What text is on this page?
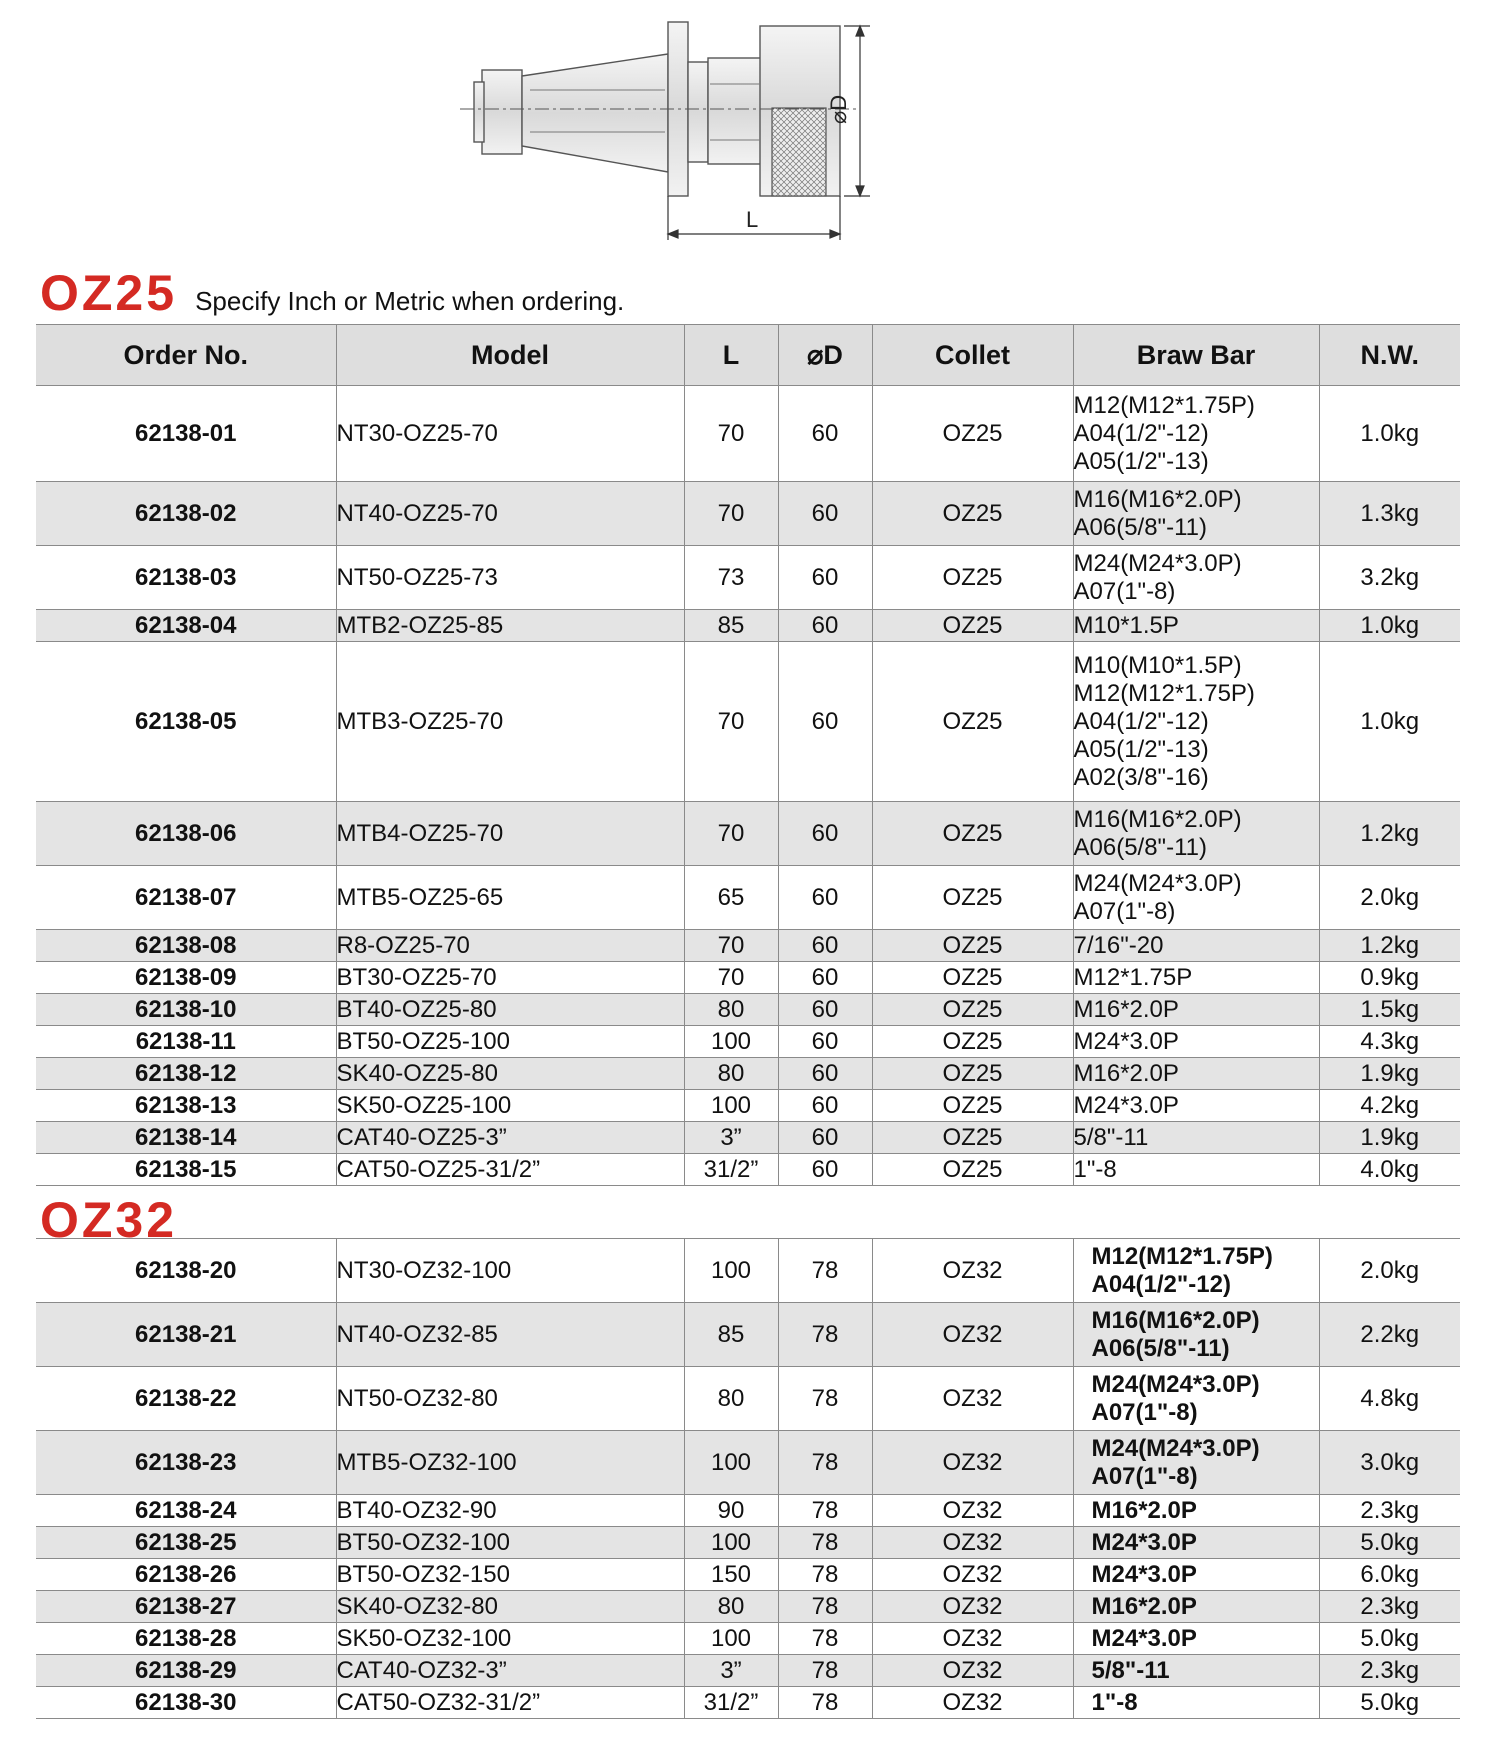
⌀D
L
OZ25 Specify Inch or Metric when ordering.
Order No.	Model	L	⌀D	Collet	Braw Bar	N.W.
62138-01	NT30-OZ25-70	70	60	OZ25	M12(M12*1.75P)
A04(1/2"-12)
A05(1/2"-13)	1.0kg
62138-02	NT40-OZ25-70	70	60	OZ25	M16(M16*2.0P)
A06(5/8"-11)	1.3kg
62138-03	NT50-OZ25-73	73	60	OZ25	M24(M24*3.0P)
A07(1"-8)	3.2kg
62138-04	MTB2-OZ25-85	85	60	OZ25	M10*1.5P	1.0kg
62138-05	MTB3-OZ25-70	70	60	OZ25	M10(M10*1.5P)
M12(M12*1.75P)
A04(1/2"-12)
A05(1/2"-13)
A02(3/8"-16)	1.0kg
62138-06	MTB4-OZ25-70	70	60	OZ25	M16(M16*2.0P)
A06(5/8"-11)	1.2kg
62138-07	MTB5-OZ25-65	65	60	OZ25	M24(M24*3.0P)
A07(1"-8)	2.0kg
62138-08	R8-OZ25-70	70	60	OZ25	7/16"-20	1.2kg
62138-09	BT30-OZ25-70	70	60	OZ25	M12*1.75P	0.9kg
62138-10	BT40-OZ25-80	80	60	OZ25	M16*2.0P	1.5kg
62138-11	BT50-OZ25-100	100	60	OZ25	M24*3.0P	4.3kg
62138-12	SK40-OZ25-80	80	60	OZ25	M16*2.0P	1.9kg
62138-13	SK50-OZ25-100	100	60	OZ25	M24*3.0P	4.2kg
62138-14	CAT40-OZ25-3”	3”	60	OZ25	5/8"-11	1.9kg
62138-15	CAT50-OZ25-31/2”	31/2”	60	OZ25	1"-8	4.0kg
OZ32
62138-20	NT30-OZ32-100	100	78	OZ32	M12(M12*1.75P)
A04(1/2"-12)	2.0kg
62138-21	NT40-OZ32-85	85	78	OZ32	M16(M16*2.0P)
A06(5/8"-11)	2.2kg
62138-22	NT50-OZ32-80	80	78	OZ32	M24(M24*3.0P)
A07(1"-8)	4.8kg
62138-23	MTB5-OZ32-100	100	78	OZ32	M24(M24*3.0P)
A07(1"-8)	3.0kg
62138-24	BT40-OZ32-90	90	78	OZ32	M16*2.0P	2.3kg
62138-25	BT50-OZ32-100	100	78	OZ32	M24*3.0P	5.0kg
62138-26	BT50-OZ32-150	150	78	OZ32	M24*3.0P	6.0kg
62138-27	SK40-OZ32-80	80	78	OZ32	M16*2.0P	2.3kg
62138-28	SK50-OZ32-100	100	78	OZ32	M24*3.0P	5.0kg
62138-29	CAT40-OZ32-3”	3”	78	OZ32	5/8"-11	2.3kg
62138-30	CAT50-OZ32-31/2”	31/2”	78	OZ32	1"-8	5.0kg
